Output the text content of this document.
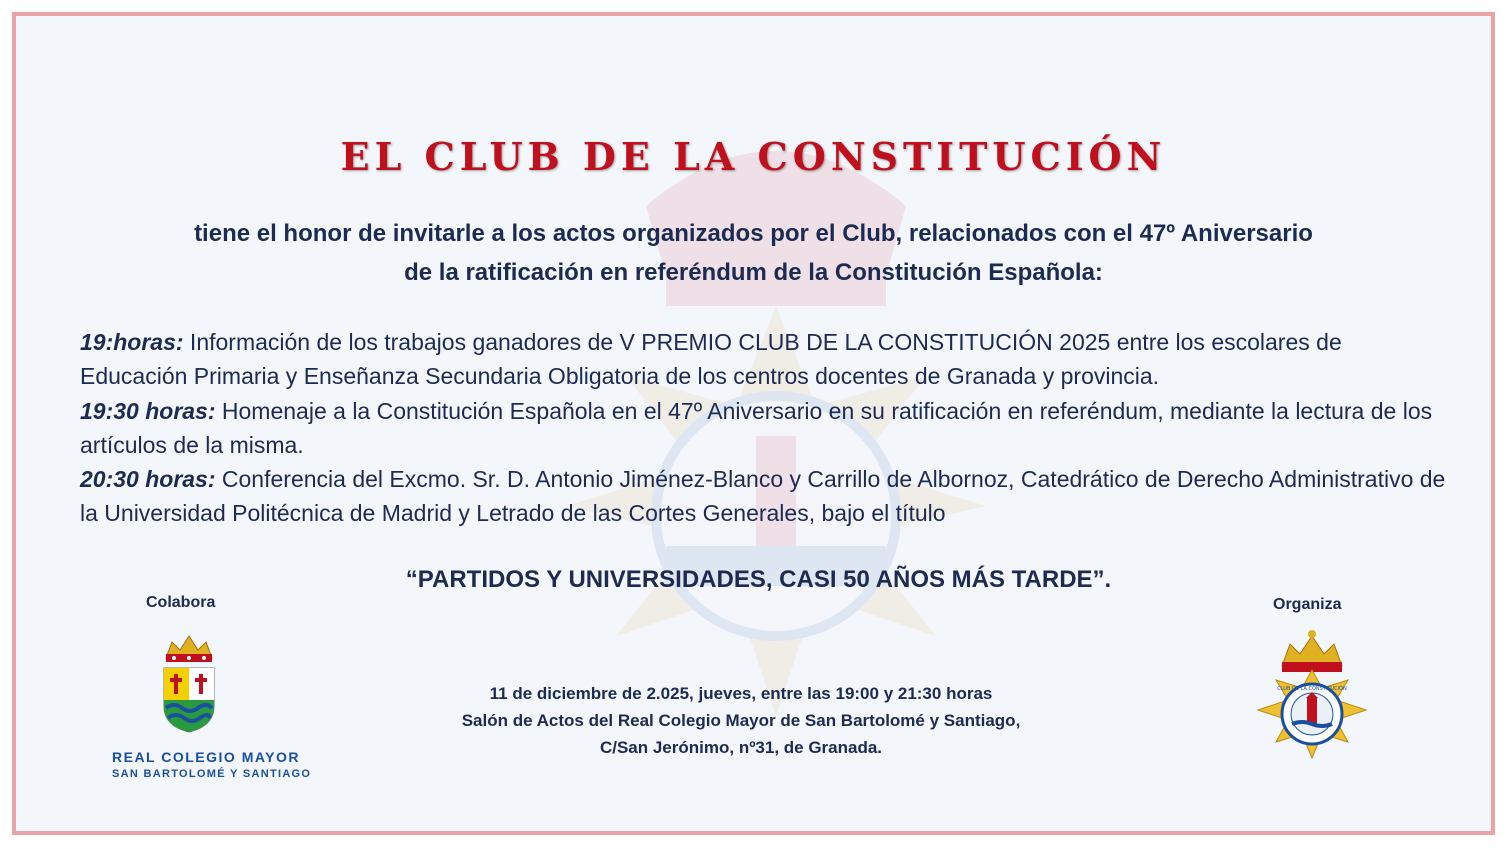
EL CLUB DE LA CONSTITUCIÓN
tiene el honor de invitarle a los actos organizados por el Club, relacionados con el 47º Aniversario
de la ratificación en referéndum de la Constitución Española:

19:horas: Información de los trabajos ganadores de V PREMIO CLUB DE LA CONSTITUCIÓN 2025 entre los escolares de Educación Primaria y Enseñanza Secundaria Obligatoria de los centros docentes de Granada y provincia.

19:30 horas: Homenaje a la Constitución Española en el 47º Aniversario en su ratificación en referéndum, mediante la lectura de los artículos de la misma.

20:30 horas: Conferencia del Excmo. Sr. D. Antonio Jiménez-Blanco y Carrillo de Albornoz, Catedrático de Derecho Administrativo de la Universidad Politécnica de Madrid y Letrado de las Cortes Generales, bajo el título

“PARTIDOS Y UNIVERSIDADES, CASI 50 AÑOS MÁS TARDE”.
Colabora
REAL COLEGIO MAYOR
SAN BARTOLOMÉ Y SANTIAGO
Organiza
CLUB DE LA CONSTITUCIÓN
11 de diciembre de 2.025, jueves, entre las 19:00 y 21:30 horas
Salón de Actos del Real Colegio Mayor de San Bartolomé y Santiago,
C/San Jerónimo, nº31, de Granada.
